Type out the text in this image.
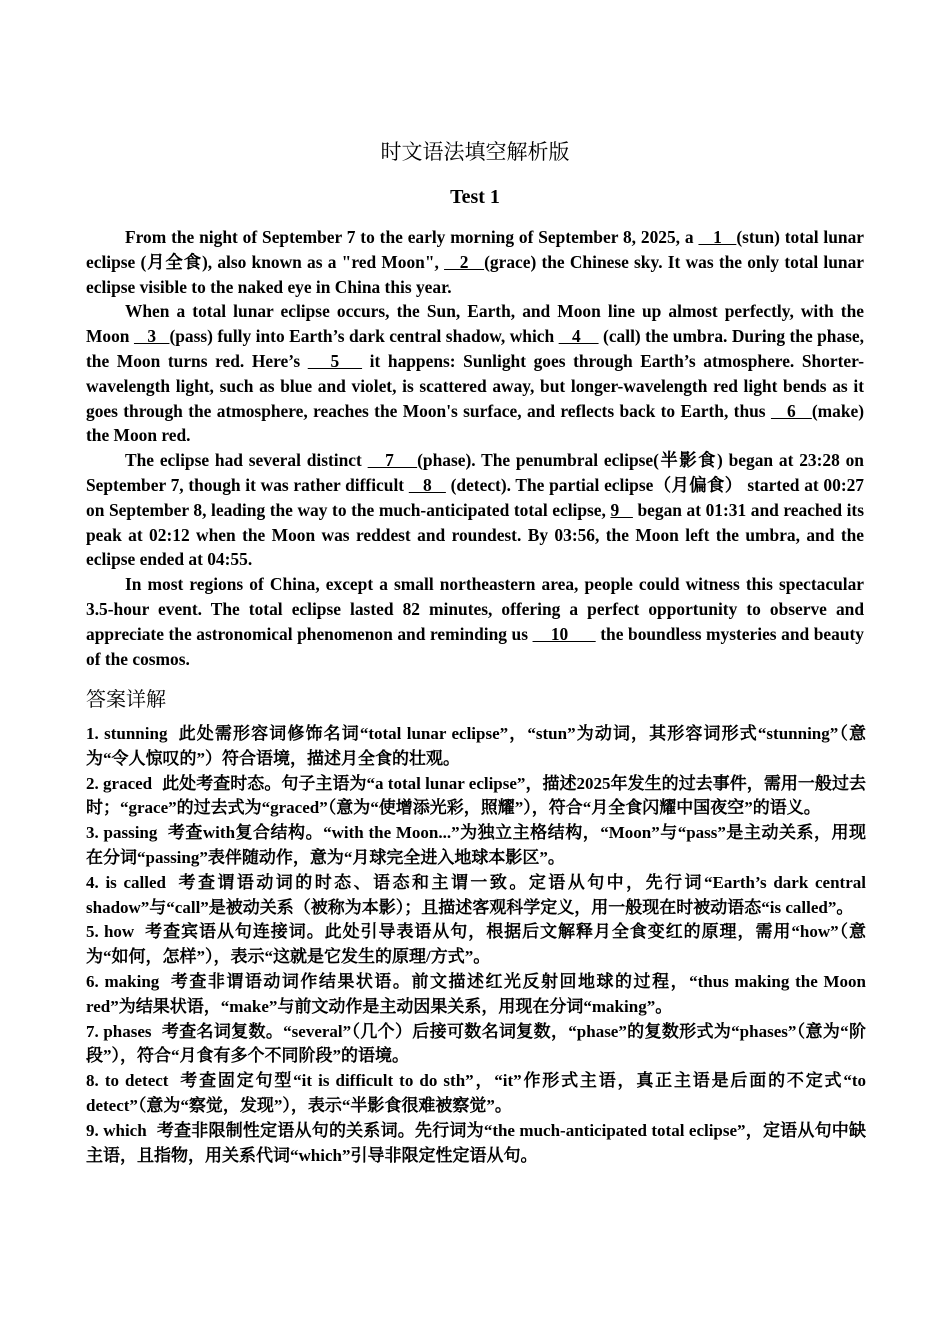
时文语法填空解析版
Test 1

From the night of September 7 to the early morning of September 8, 2025, a    1   (stun) total lunar eclipse (月全食), also known as a "red Moon",    2   (grace) the Chinese sky. It was the only total lunar eclipse visible to the naked eye in China this year.

When a total lunar eclipse occurs, the Sun, Earth, and Moon line up almost perfectly, with the Moon    3   (pass) fully into Earth’s dark central shadow, which    4     (call) the umbra. During the phase, the Moon turns red. Here’s    5    it happens: Sunlight goes through Earth’s atmosphere. Shorter-wavelength light, such as blue and violet, is scattered away, but longer-wavelength red light bends as it goes through the atmosphere, reaches the Moon's surface, and reflects back to Earth, thus    6   (make) the Moon red.

The eclipse had several distinct    7    (phase). The penumbral eclipse(半影食) began at 23:28 on September 7, though it was rather difficult    8    (detect). The partial eclipse（月偏食） started at 00:27 on September 8, leading the way to the much-anticipated total eclipse, 9    began at 01:31 and reached its peak at 02:12 when the Moon was reddest and roundest. By 03:56, the Moon left the umbra, and the eclipse ended at 04:55.

In most regions of China, except a small northeastern area, people could witness this spectacular 3.5-hour event. The total eclipse lasted 82 minutes, offering a perfect opportunity to observe and appreciate the astronomical phenomenon and reminding us     10       the boundless mysteries and beauty of the cosmos.

答案详解

1. stunning 此处需形容词修饰名词“total lunar eclipse”，“stun”为动词，其形容词形式“stunning”（意为“令人惊叹的”）符合语境，描述月全食的壮观。

2. graced 此处考查时态。句子主语为“a total lunar eclipse”，描述2025年发生的过去事件，需用一般过去时；“grace”的过去式为“graced”（意为“使增添光彩，照耀”），符合“月全食闪耀中国夜空”的语义。

3. passing 考查with复合结构。“with the Moon...”为独立主格结构，“Moon”与“pass”是主动关系，用现在分词“passing”表伴随动作，意为“月球完全进入地球本影区”。

4. is called 考查谓语动词的时态、语态和主谓一致。定语从句中，先行词“Earth’s dark central shadow”与“call”是被动关系（被称为本影）；且描述客观科学定义，用一般现在时被动语态“is called”。

5. how 考查宾语从句连接词。此处引导表语从句，根据后文解释月全食变红的原理，需用“how”（意为“如何，怎样”），表示“这就是它发生的原理/方式”。

6. making 考查非谓语动词作结果状语。前文描述红光反射回地球的过程，“thus making the Moon red”为结果状语，“make”与前文动作是主动因果关系，用现在分词“making”。

7. phases 考查名词复数。“several”（几个）后接可数名词复数，“phase”的复数形式为“phases”（意为“阶段”），符合“月食有多个不同阶段”的语境。

8. to detect 考查固定句型“it is difficult to do sth”，“it”作形式主语，真正主语是后面的不定式“to detect”（意为“察觉，发现”），表示“半影食很难被察觉”。

9. which 考查非限制性定语从句的关系词。先行词为“the much-anticipated total eclipse”，定语从句中缺主语，且指物，用关系代词“which”引导非限定性定语从句。
